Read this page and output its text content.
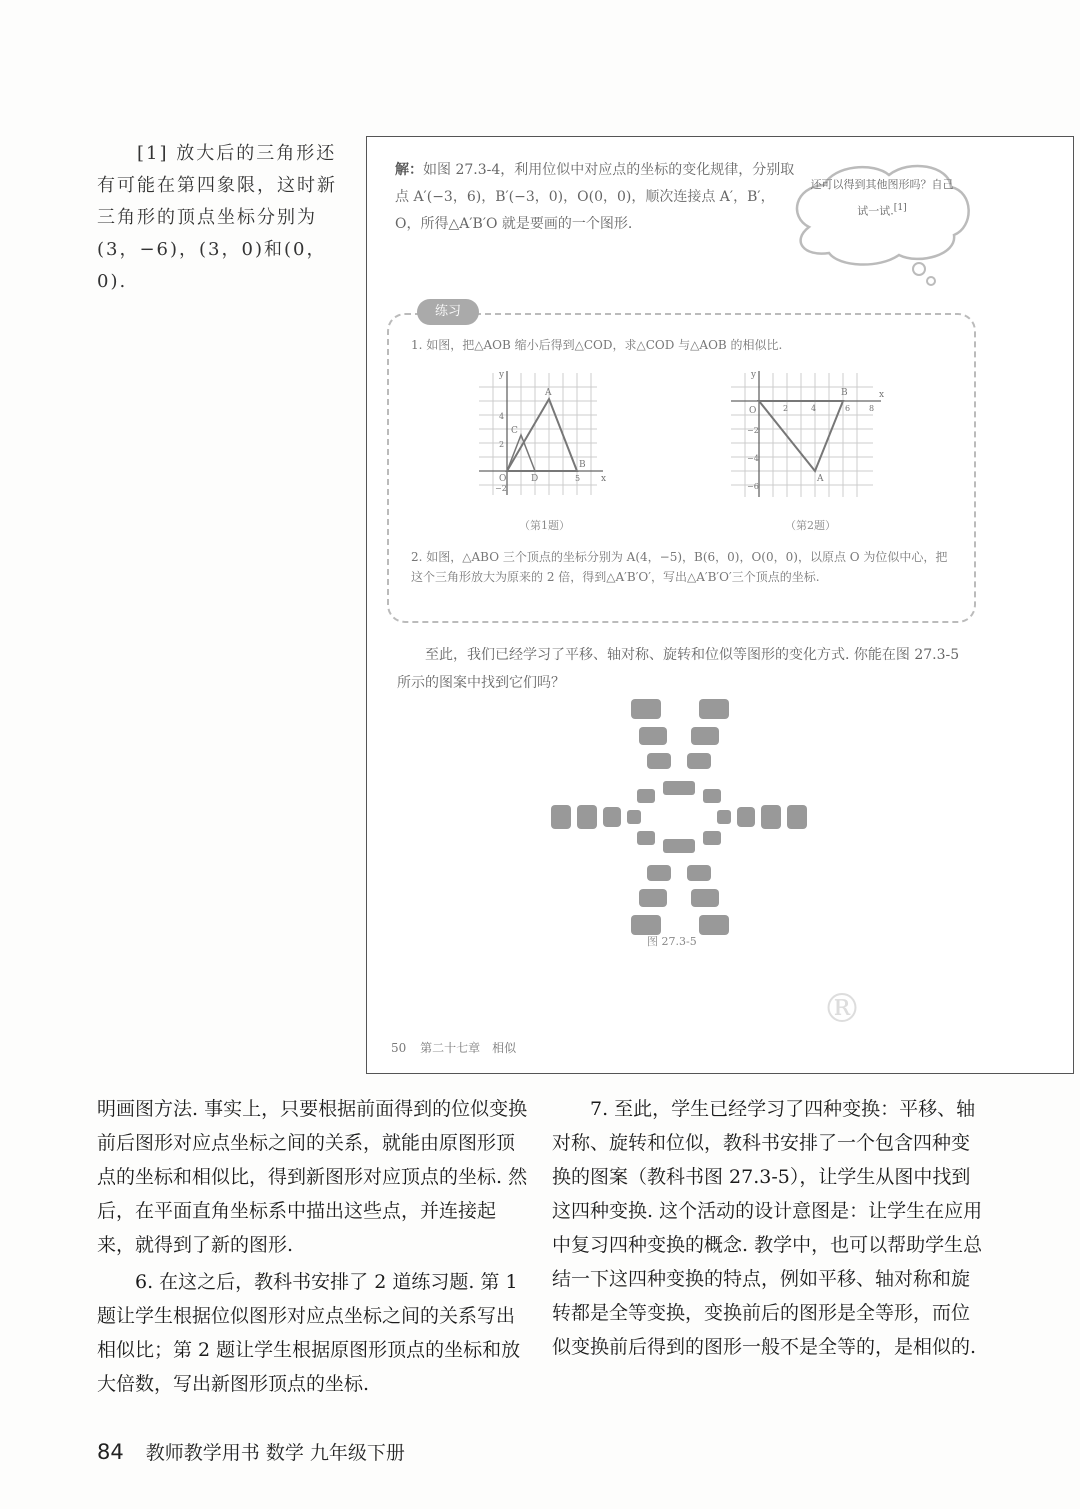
[1] 放大后的三角形还有可能在第四象限，这时新三角形的顶点坐标分别为(3，−6)，(3，0)和(0，0).

解：如图 27.3-4，利用位似中对应点的坐标的变化规律，分别取点 A′(−3，6)，B′(−3，0)，O(0，0)，顺次连接点 A′，B′，O，所得△A′B′O 就是要画的一个图形.
还可以得到其他图形吗？自己试一试.[1]
练习
1. 如图，把△AOB 缩小后得到△COD，求△COD 与△AOB 的相似比.
y
x
O
A
B
C
D
2
4
5
−2
（第1题）
y
x
O
A
B
2	4	6 8
−2
−4
−6
（第2题）
2. 如图，△ABO 三个顶点的坐标分别为 A(4，−5)，B(6，0)，O(0，0)，以原点 O 为位似中心，把这个三角形放大为原来的 2 倍，得到△A′B′O′，写出△A′B′O′三个顶点的坐标.
至此，我们已经学习了平移、轴对称、旋转和位似等图形的变化方式. 你能在图 27.3-5 所示的图案中找到它们吗？
图 27.3-5
50 第二十七章　相似
®

明画图方法. 事实上，只要根据前面得到的位似变换前后图形对应点坐标之间的关系，就能由原图形顶点的坐标和相似比，得到新图形对应顶点的坐标. 然后，在平面直角坐标系中描出这些点，并连接起来，就得到了新的图形.

6. 在这之后，教科书安排了 2 道练习题. 第 1 题让学生根据位似图形对应点坐标之间的关系写出相似比；第 2 题让学生根据原图形顶点的坐标和放大倍数，写出新图形顶点的坐标.

7. 至此，学生已经学习了四种变换：平移、轴对称、旋转和位似，教科书安排了一个包含四种变换的图案（教科书图 27.3-5），让学生从图中找到这四种变换. 这个活动的设计意图是：让学生在应用中复习四种变换的概念. 教学中，也可以帮助学生总结一下这四种变换的特点，例如平移、轴对称和旋转都是全等变换，变换前后的图形是全等形，而位似变换前后得到的图形一般不是全等的，是相似的.

84 教师教学用书 数学 九年级下册
